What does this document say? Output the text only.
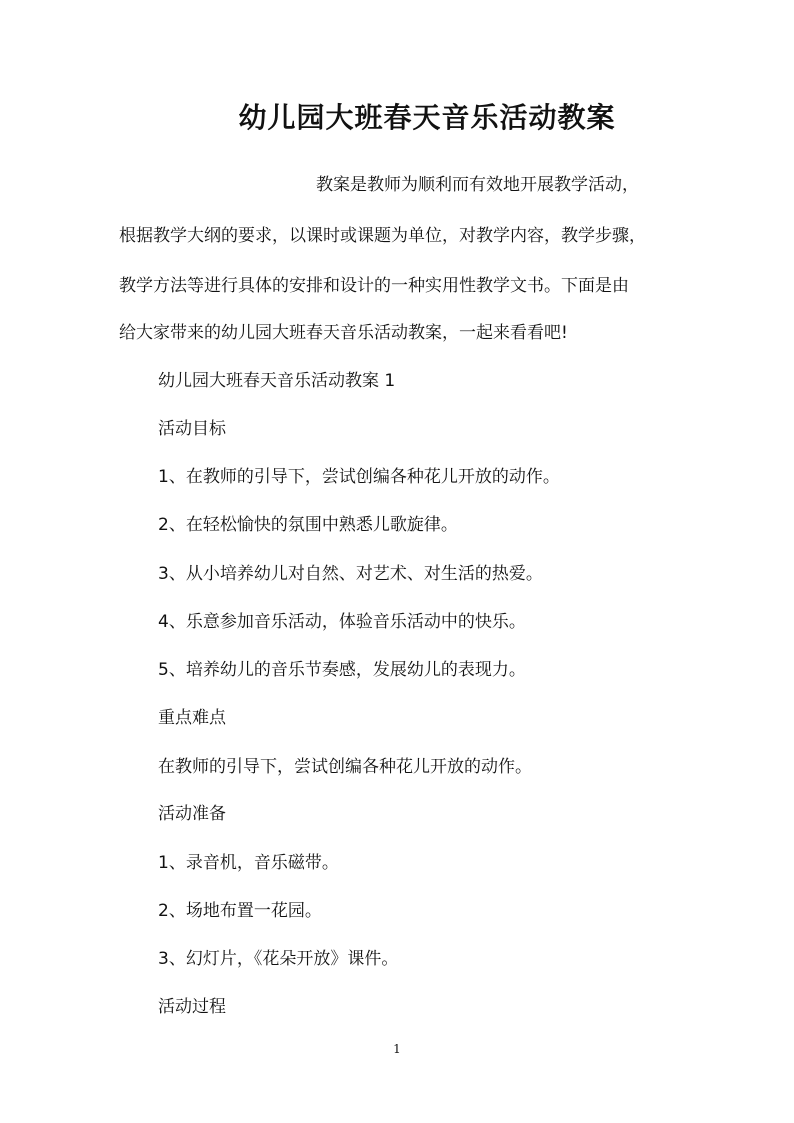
幼儿园大班春天音乐活动教案
教案是教师为顺利而有效地开展教学活动，
根据教学大纲的要求，以课时或课题为单位，对教学内容，教学步骤，
教学方法等进行具体的安排和设计的一种实用性教学文书。下面是由
给大家带来的幼儿园大班春天音乐活动教案，一起来看看吧!
幼儿园大班春天音乐活动教案 1
活动目标
1、在教师的引导下，尝试创编各种花儿开放的动作。
2、在轻松愉快的氛围中熟悉儿歌旋律。
3、从小培养幼儿对自然、对艺术、对生活的热爱。
4、乐意参加音乐活动，体验音乐活动中的快乐。
5、培养幼儿的音乐节奏感，发展幼儿的表现力。
重点难点
在教师的引导下，尝试创编各种花儿开放的动作。
活动准备
1、录音机，音乐磁带。
2、场地布置一花园。
3、幻灯片，《花朵开放》课件。
活动过程
1
